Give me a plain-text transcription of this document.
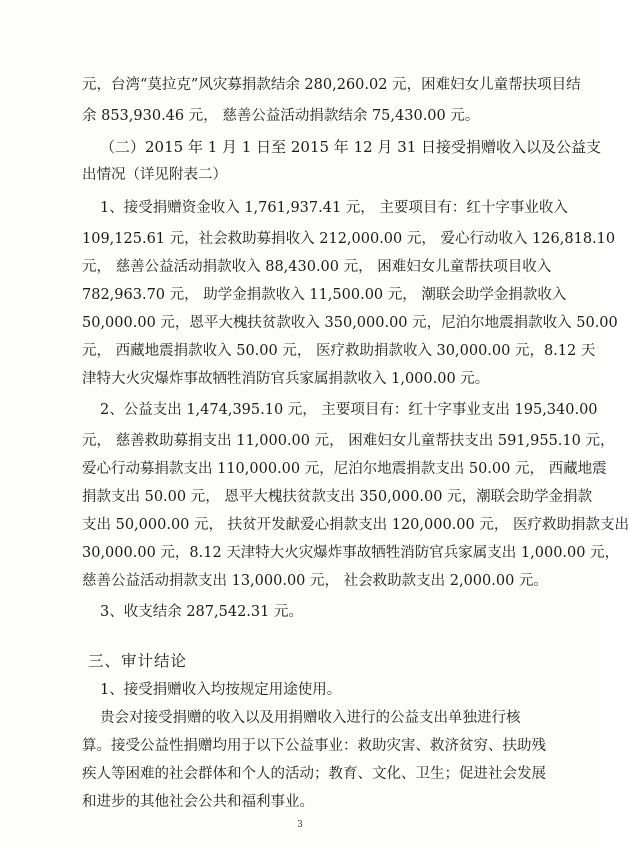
元，台湾“莫拉克”风灾募捐款结余 280,260.02 元，困难妇女儿童帮扶项目结
余 853,930.46 元， 慈善公益活动捐款结余 75,430.00 元。
（二）2015 年 1 月 1 日至 2015 年 12 月 31 日接受捐赠收入以及公益支
出情况（详见附表二）
1、接受捐赠资金收入 1,761,937.41 元， 主要项目有：红十字事业收入
109,125.61 元，社会救助募捐收入 212,000.00 元， 爱心行动收入 126,818.10
元， 慈善公益活动捐款收入 88,430.00 元， 困难妇女儿童帮扶项目收入
782,963.70 元， 助学金捐款收入 11,500.00 元， 潮联会助学金捐款收入
50,000.00 元，恩平大槐扶贫款收入 350,000.00 元，尼泊尔地震捐款收入 50.00
元， 西藏地震捐款收入 50.00 元， 医疗救助捐款收入 30,000.00 元，8.12 天
津特大火灾爆炸事故牺牲消防官兵家属捐款收入 1,000.00 元。
2、公益支出 1,474,395.10 元， 主要项目有：红十字事业支出 195,340.00
元， 慈善救助募捐支出 11,000.00 元， 困难妇女儿童帮扶支出 591,955.10 元，
爱心行动募捐款支出 110,000.00 元，尼泊尔地震捐款支出 50.00 元， 西藏地震
捐款支出 50.00 元， 恩平大槐扶贫款支出 350,000.00 元，潮联会助学金捐款
支出 50,000.00 元， 扶贫开发献爱心捐款支出 120,000.00 元， 医疗救助捐款支出
30,000.00 元，8.12 天津特大火灾爆炸事故牺牲消防官兵家属支出 1,000.00 元，
慈善公益活动捐款支出 13,000.00 元， 社会救助款支出 2,000.00 元。
3、收支结余 287,542.31 元。
三、审计结论
1、接受捐赠收入均按规定用途使用。
贵会对接受捐赠的收入以及用捐赠收入进行的公益支出单独进行核
算。接受公益性捐赠均用于以下公益事业：救助灾害、救济贫穷、扶助残
疾人等困难的社会群体和个人的活动；教育、文化、卫生；促进社会发展
和进步的其他社会公共和福利事业。
3
